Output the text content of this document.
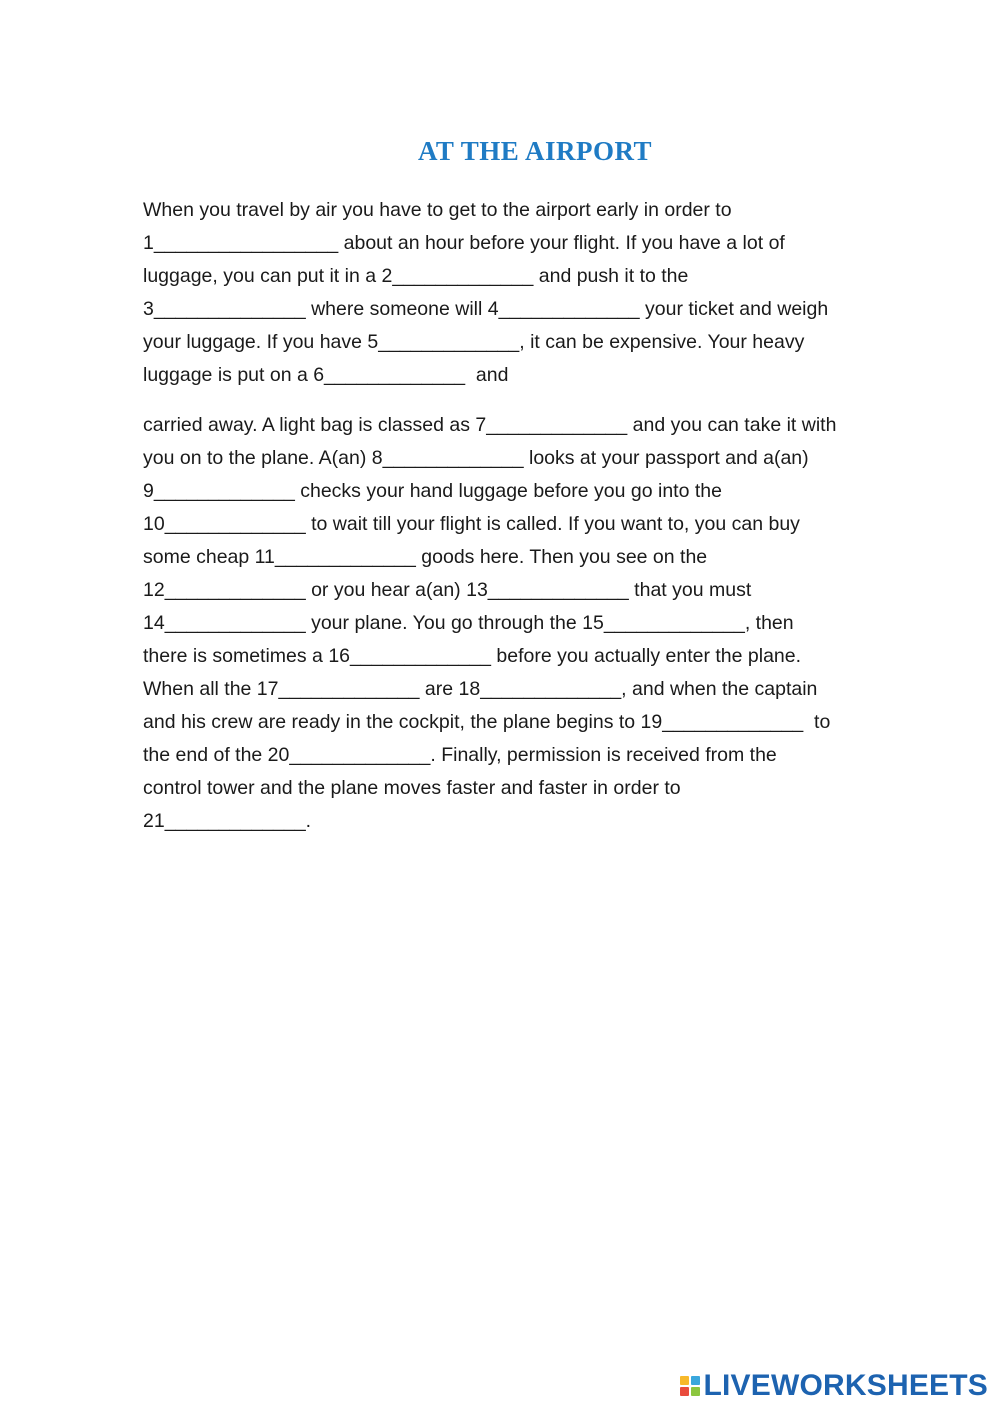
AT THE AIRPORT
When you travel by air you have to get to the airport early in order to
1_________________ about an hour before your flight. If you have a lot of
luggage, you can put it in a 2_____________ and push it to the
3______________ where someone will 4_____________ your ticket and weigh
your luggage. If you have 5_____________, it can be expensive. Your heavy
luggage is put on a 6_____________  and
carried away. A light bag is classed as 7_____________ and you can take it with
you on to the plane. A(an) 8_____________ looks at your passport and a(an)
9_____________ checks your hand luggage before you go into the
10_____________ to wait till your flight is called. If you want to, you can buy
some cheap 11_____________ goods here. Then you see on the
12_____________ or you hear a(an) 13_____________ that you must
14_____________ your plane. You go through the 15_____________, then
there is sometimes a 16_____________ before you actually enter the plane.
When all the 17_____________ are 18_____________, and when the captain
and his crew are ready in the cockpit, the plane begins to 19_____________  to
the end of the 20_____________. Finally, permission is received from the
control tower and the plane moves faster and faster in order to
21_____________.
LIVEWORKSHEETS
